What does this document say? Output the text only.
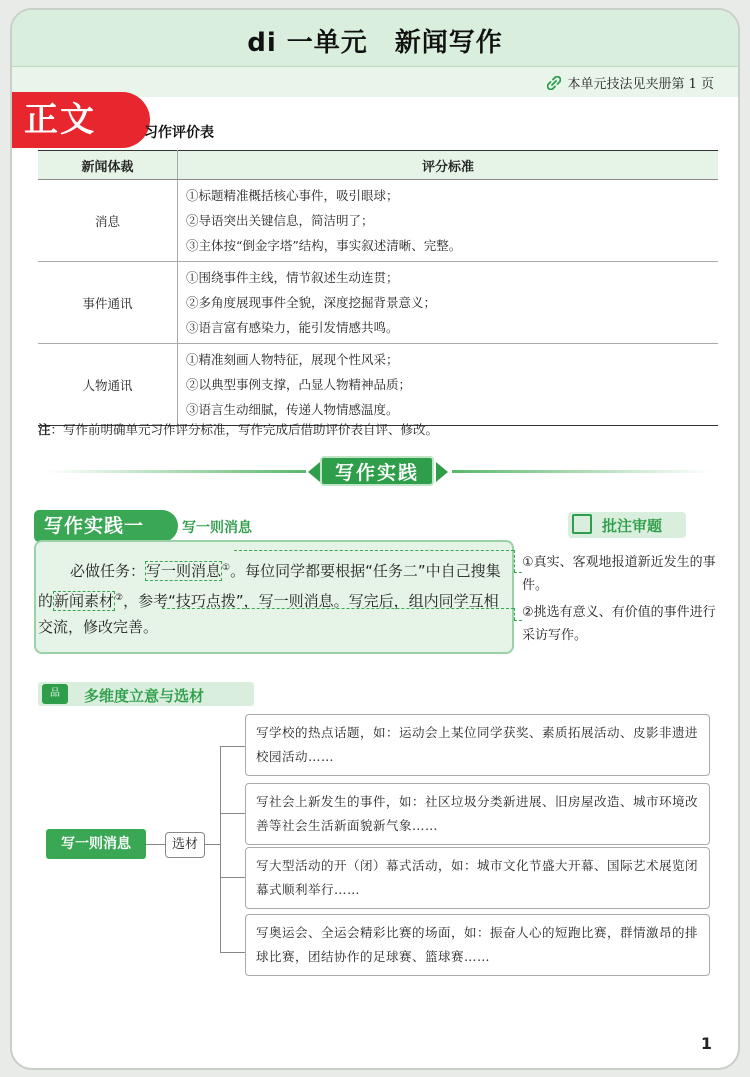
di 一单元　新闻写作
本单元技法见夹册第 1 页
正文	习作评价表
新闻体裁	评分标准
消息	①标题精准概括核心事件，吸引眼球；
②导语突出关键信息，简洁明了；
③主体按“倒金字塔”结构，事实叙述清晰、完整。

事件通讯	①围绕事件主线，情节叙述生动连贯；
②多角度展现事件全貌，深度挖掘背景意义；
③语言富有感染力，能引发情感共鸣。

人物通讯	①精准刻画人物特征，展现个性风采；
②以典型事例支撑，凸显人物精神品质；
③语言生动细腻，传递人物情感温度。
注：写作前明确单元习作评分标准，写作完成后借助评价表自评、修改。
写作实践
写作实践一	写一则消息
必做任务：写一则消息①。每位同学都要根据“任务二”中自己搜集的新闻素材②，参考“技巧点拨”，写一则消息。写完后，组内同学互相交流，修改完善。
批注审题
①真实、客观地报道新近发生的事件。
②挑选有意义、有价值的事件进行采访写作。
品	多维度立意与选材
写一则消息	选材
写学校的热点话题，如：运动会上某位同学获奖、素质拓展活动、皮影非遗进校园活动……
写社会上新发生的事件，如：社区垃圾分类新进展、旧房屋改造、城市环境改善等社会生活新面貌新气象……
写大型活动的开（闭）幕式活动，如：城市文化节盛大开幕、国际艺术展览闭幕式顺利举行……
写奥运会、全运会精彩比赛的场面，如：振奋人心的短跑比赛，群情激昂的排球比赛，团结协作的足球赛、篮球赛……
1
